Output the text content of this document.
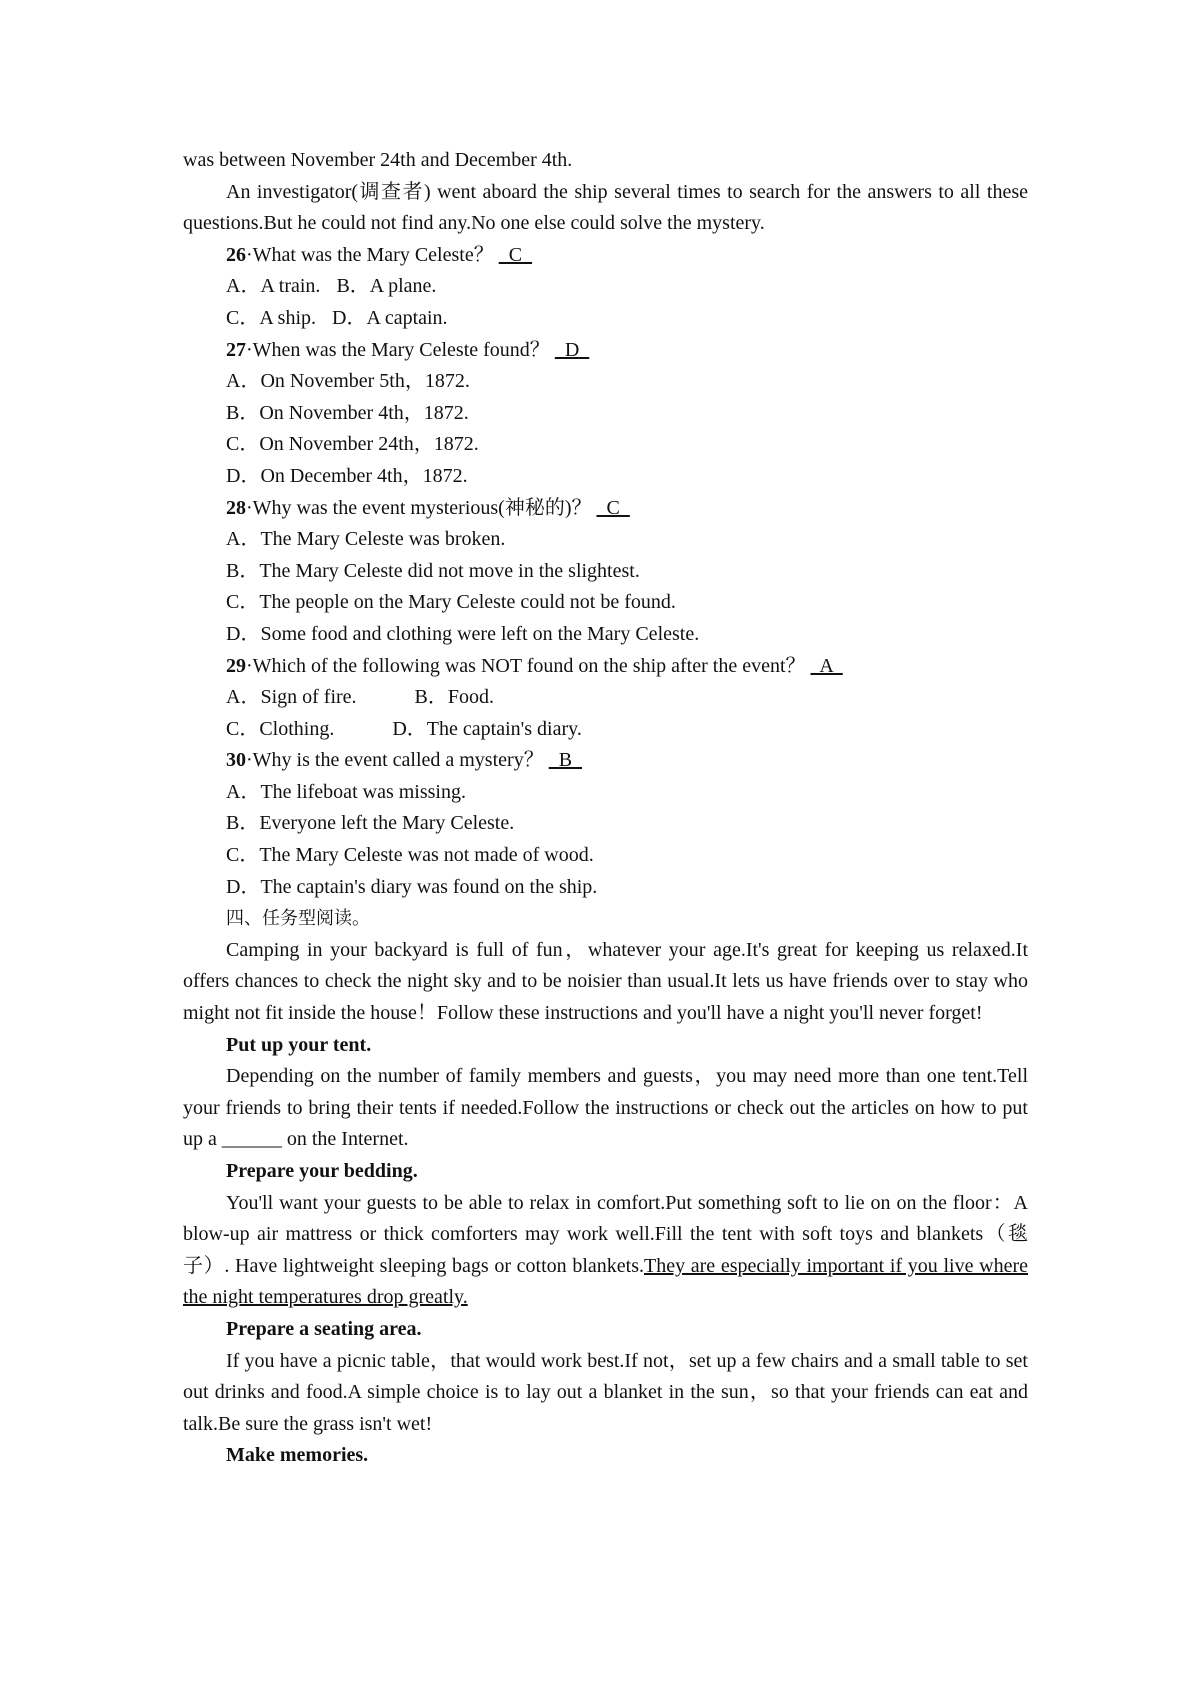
was between November 24th and December 4th.
An investigator(调查者) went aboard the ship several times to search for the answers to all these questions.But he could not find any.No one else could solve the mystery.
26·What was the Mary Celeste？   C
A．A train. B．A plane.
C．A ship. D．A captain.
27·When was the Mary Celeste found？   D
A．On November 5th，1872.
B．On November 4th，1872.
C．On November 24th，1872.
D．On December 4th，1872.
28·Why was the event mysterious(神秘的)？   C
A．The Mary Celeste was broken.
B．The Mary Celeste did not move in the slightest.
C．The people on the Mary Celeste could not be found.
D．Some food and clothing were left on the Mary Celeste.
29·Which of the following was NOT found on the ship after the event？   A
A．Sign of fire.	B．Food.
C．Clothing.	D．The captain's diary.
30·Why is the event called a mystery？   B
A．The lifeboat was missing.
B．Everyone left the Mary Celeste.
C．The Mary Celeste was not made of wood.
D．The captain's diary was found on the ship.
四、任务型阅读。
Camping in your backyard is full of fun，whatever your age.It's great for keeping us relaxed.It offers chances to check the night sky and to be noisier than usual.It lets us have friends over to stay who might not fit inside the house！Follow these instructions and you'll have a night you'll never forget!
Put up your tent.
Depending on the number of family members and guests，you may need more than one tent.Tell your friends to bring their tents if needed.Follow the instructions or check out the articles on how to put up a ______ on the Internet.
Prepare your bedding.
You'll want your guests to be able to relax in comfort.Put something soft to lie on on the floor：A blow-up air mattress or thick comforters may work well.Fill the tent with soft toys and blankets（毯子）. Have lightweight sleeping bags or cotton blankets.They are especially important if you live where the night temperatures drop greatly.
Prepare a seating area.
If you have a picnic table，that would work best.If not，set up a few chairs and a small table to set out drinks and food.A simple choice is to lay out a blanket in the sun，so that your friends can eat and talk.Be sure the grass isn't wet!
Make memories.
